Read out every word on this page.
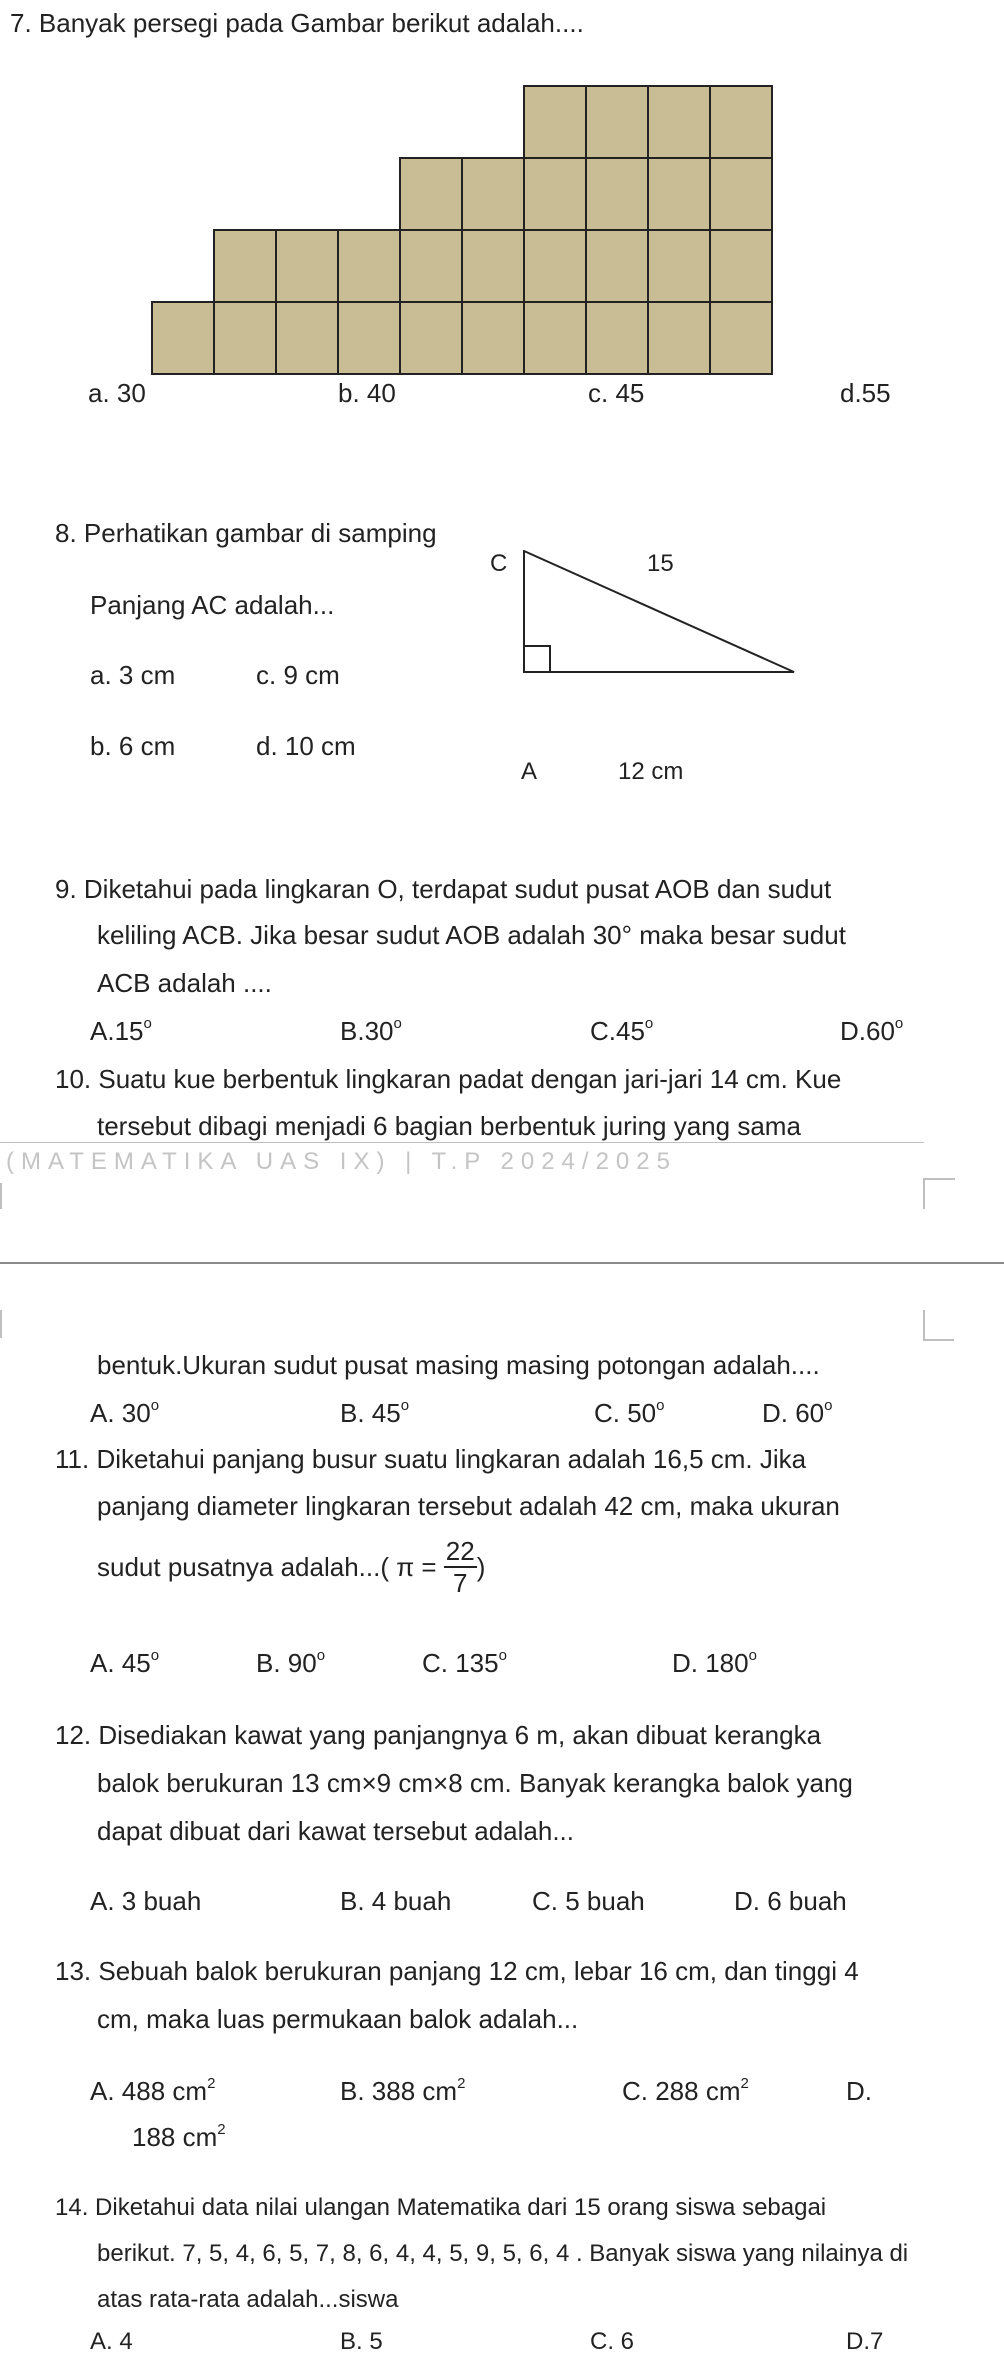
7. Banyak persegi pada Gambar berikut adalah....
a. 30	b. 40	c. 45	d.55
8. Perhatikan gambar di samping
Panjang AC adalah...
a. 3 cm	c. 9 cm
b. 6 cm	d. 10 cm
C	15
A	12 cm
9. Diketahui pada lingkaran O, terdapat sudut pusat AOB dan sudut
keliling ACB. Jika besar sudut AOB adalah 30° maka besar sudut
ACB adalah ....
A.15$^o$	B.30$^o$	C.45$^o$	D.60$^o$
10. Suatu kue berbentuk lingkaran padat dengan jari-jari 14 cm. Kue
tersebut dibagi menjadi 6 bagian berbentuk juring yang sama
(MATEMATIKA UAS IX) | T.P 2024/2025
bentuk.Ukuran sudut pusat masing masing potongan adalah....
A. 30$^o$	B. 45$^o$	C. 50$^o$	D. 60$^o$
11. Diketahui panjang busur suatu lingkaran adalah 16,5 cm. Jika
panjang diameter lingkaran tersebut adalah 42 cm, maka ukuran
sudut pusatnya adalah...( $\pi = \frac{22}{7}$ )
A. 45$^o$	B. 90$^o$	C. 135$^o$	D. 180$^o$
12. Disediakan kawat yang panjangnya 6 m, akan dibuat kerangka
balok berukuran 13 cm×9 cm×8 cm. Banyak kerangka balok yang
dapat dibuat dari kawat tersebut adalah...
A. 3 buah	B. 4 buah	C. 5 buah	D. 6 buah
13. Sebuah balok berukuran panjang 12 cm, lebar 16 cm, dan tinggi 4
cm, maka luas permukaan balok adalah...
A. 488 $cm^2$	B. 388 $cm^2$	C. 288 $cm^2$	D.
188 $cm^2$
14. Diketahui data nilai ulangan Matematika dari 15 orang siswa sebagai
berikut. 7, 5, 4, 6, 5, 7, 8, 6, 4, 4, 5, 9, 5, 6, 4 . Banyak siswa yang nilainya di
atas rata-rata adalah...siswa
A. 4	B. 5	C. 6	D.7
